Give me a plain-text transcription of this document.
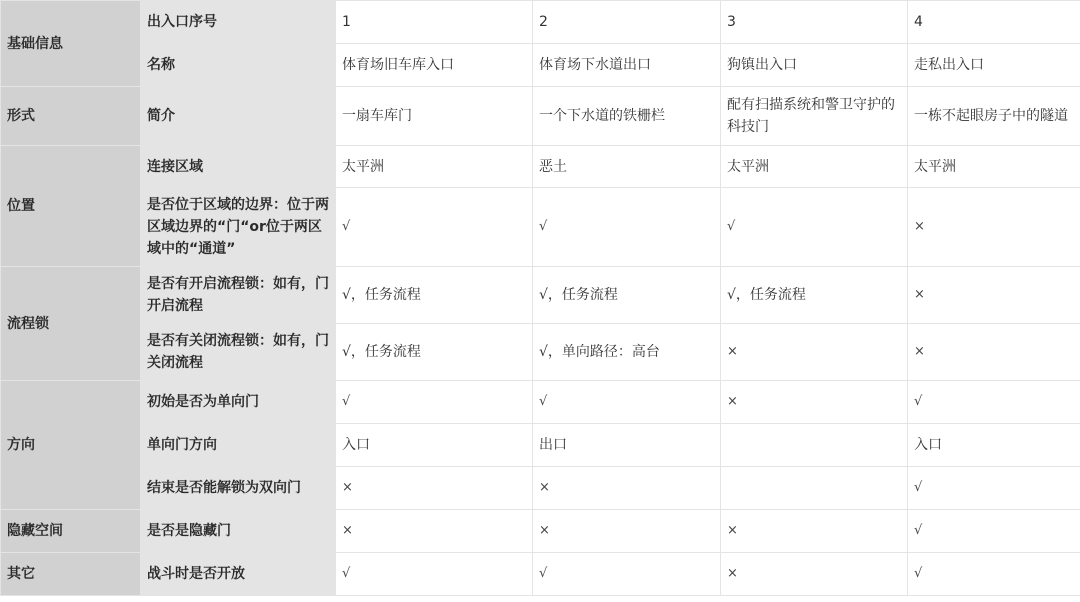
基础信息	出入口序号	1	2	3	4
	名称	体育场旧车库入口	体育场下水道出口	狗镇出入口	走私出入口
形式	简介	一扇车库门	一个下水道的铁栅栏	配有扫描系统和警卫守护的科技门	一栋不起眼房子中的隧道
位置	连接区域	太平洲	恶土	太平洲	太平洲
	是否位于区域的边界：位于两区域边界的“门“or位于两区域中的“通道”	√	√	√	×
流程锁	是否有开启流程锁：如有，门开启流程	√，任务流程	√，任务流程	√，任务流程	×
	是否有关闭流程锁：如有，门关闭流程	√，任务流程	√，单向路径：高台	×	×
方向	初始是否为单向门	√	√	×	√
	单向门方向	入口	出口		入口
	结束是否能解锁为双向门	×	×		√
隐藏空间	是否是隐藏门	×	×	×	√
其它	战斗时是否开放	√	√	×	√
